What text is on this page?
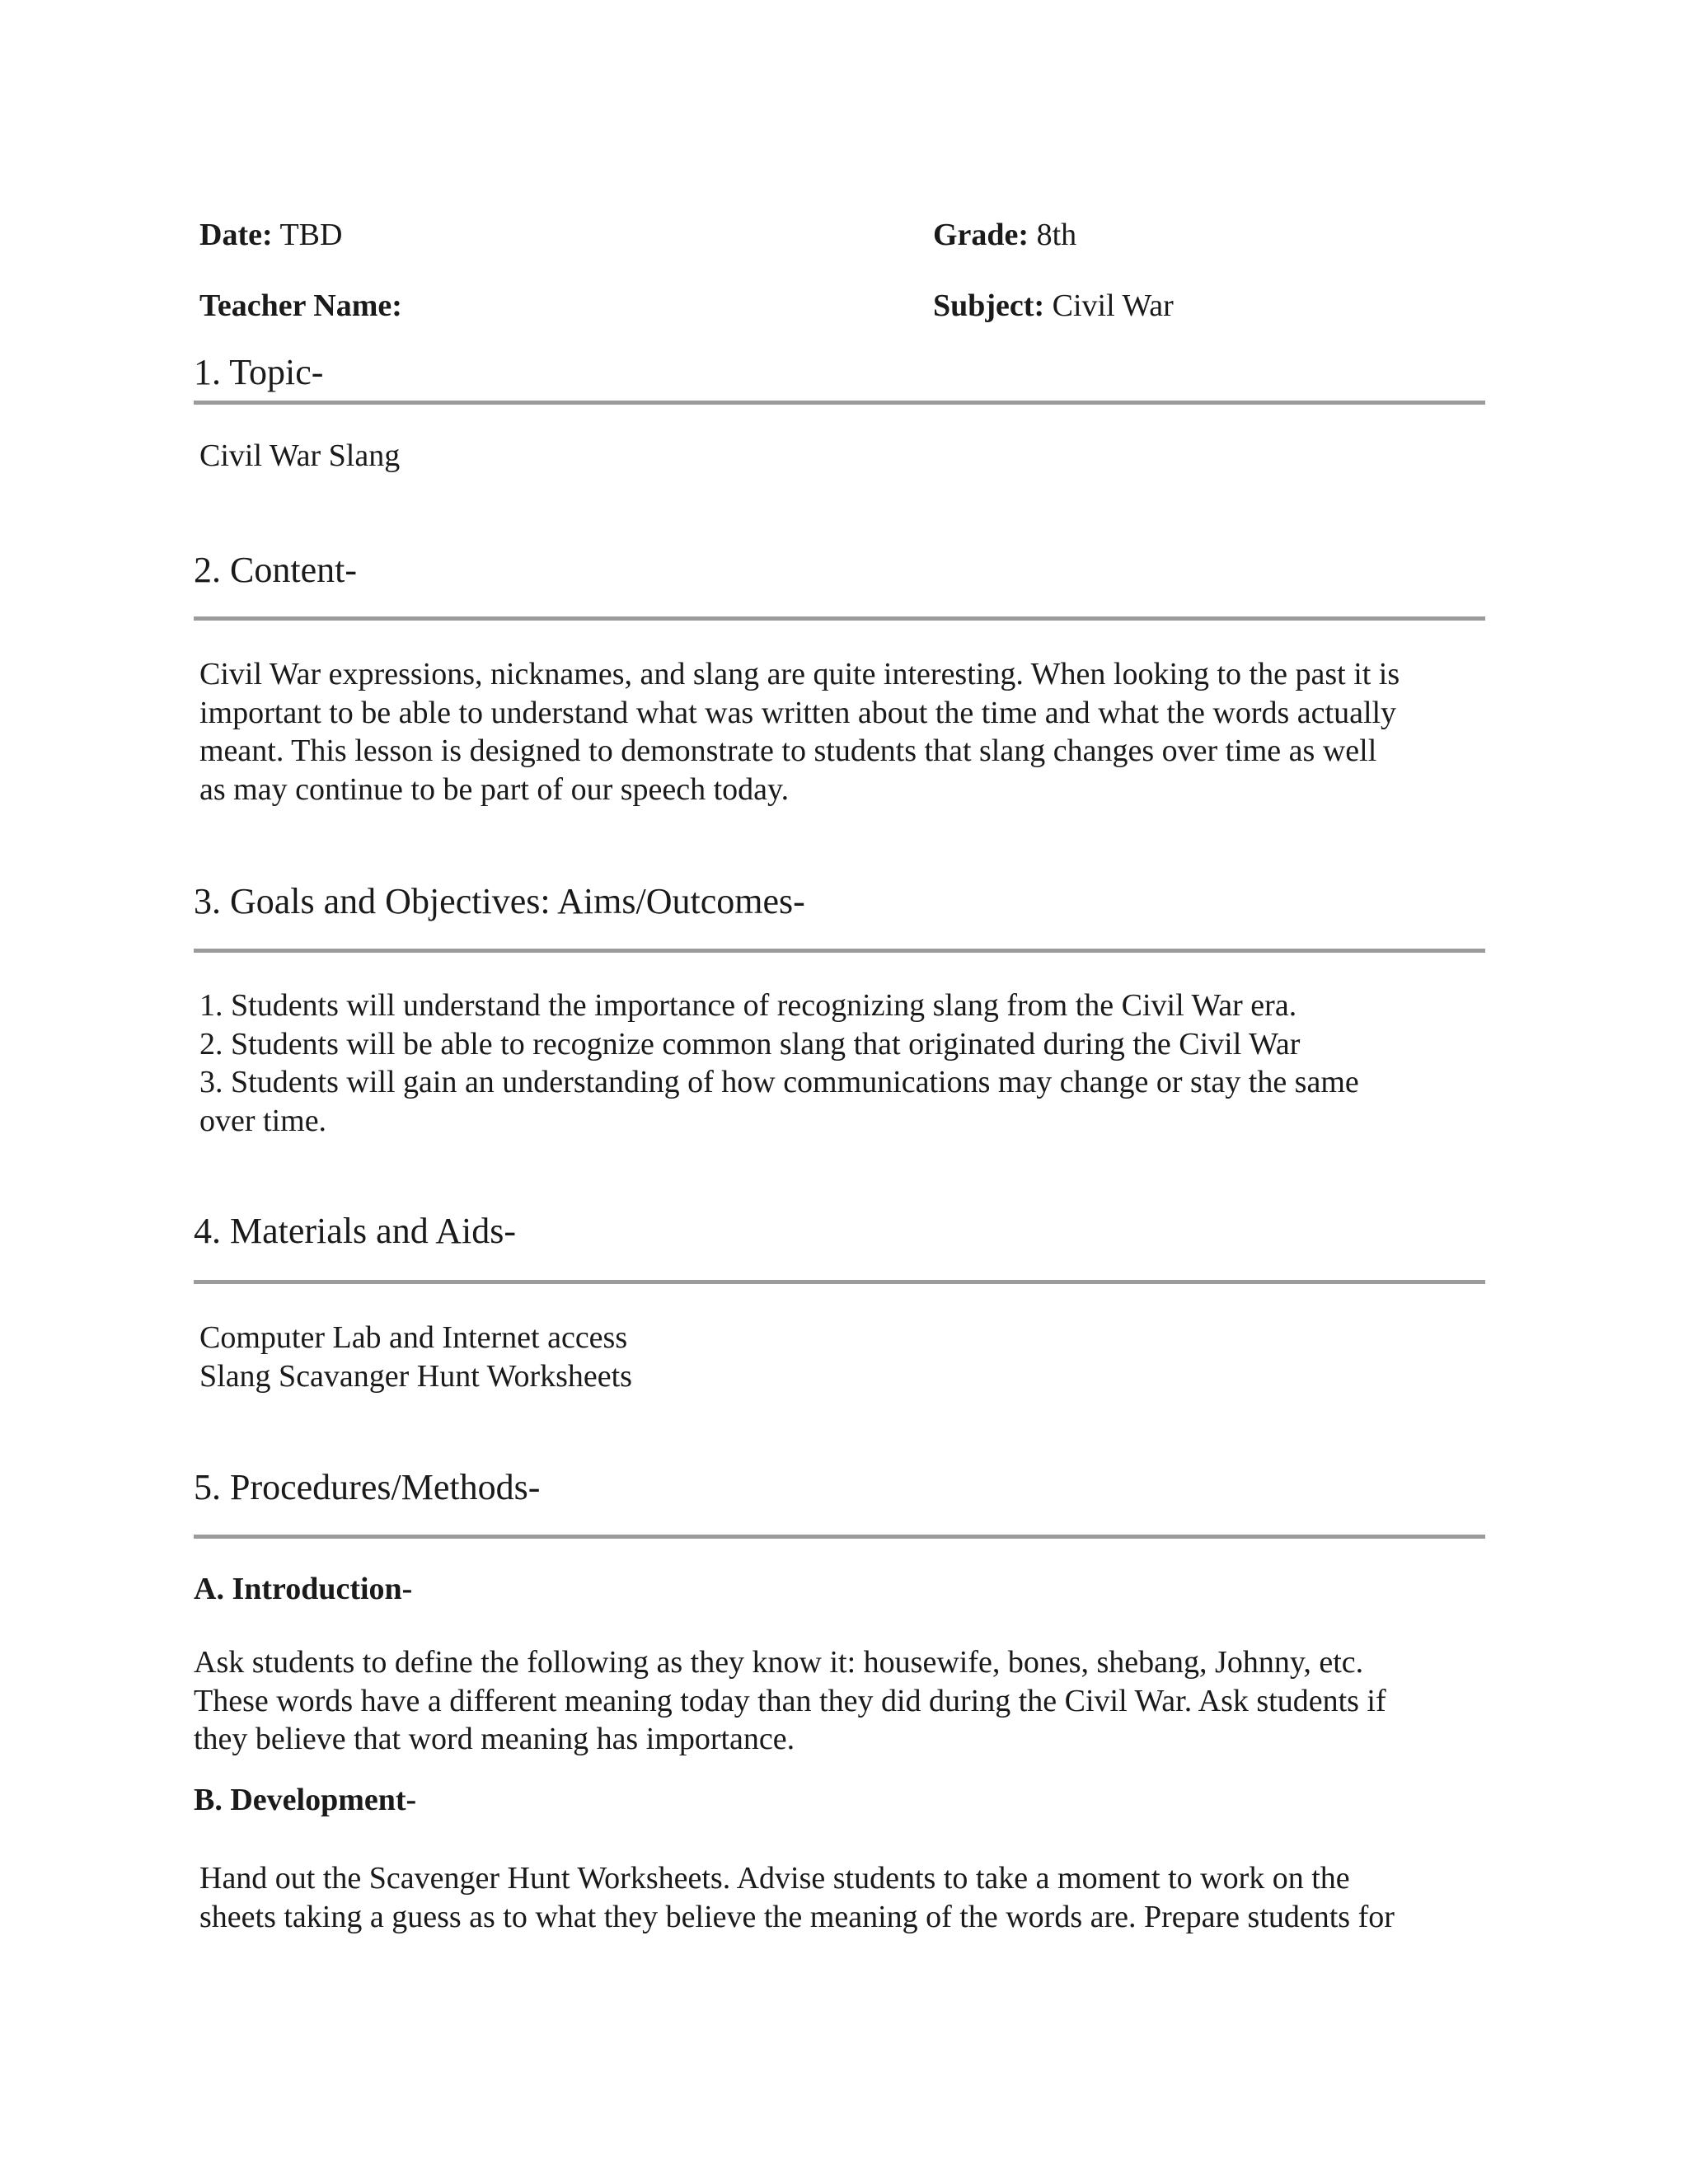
Date: TBD	Grade: 8th
Teacher Name:	Subject: Civil War
1. Topic-
Civil War Slang
2. Content-
Civil War expressions, nicknames, and slang are quite interesting. When looking to the past it is
important to be able to understand what was written about the time and what the words actually
meant. This lesson is designed to demonstrate to students that slang changes over time as well
as may continue to be part of our speech today.
3. Goals and Objectives: Aims/Outcomes-
1. Students will understand the importance of recognizing slang from the Civil War era.
2. Students will be able to recognize common slang that originated during the Civil War
3. Students will gain an understanding of how communications may change or stay the same
over time.
4. Materials and Aids-
Computer Lab and Internet access
Slang Scavanger Hunt Worksheets
5. Procedures/Methods-
A. Introduction-
Ask students to define the following as they know it: housewife, bones, shebang, Johnny, etc.
These words have a different meaning today than they did during the Civil War. Ask students if
they believe that word meaning has importance.
B. Development-
Hand out the Scavenger Hunt Worksheets. Advise students to take a moment to work on the
sheets taking a guess as to what they believe the meaning of the words are. Prepare students for
